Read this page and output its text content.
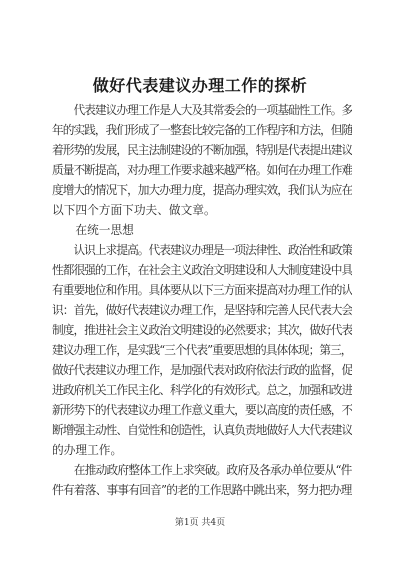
做好代表建议办理工作的探析
　　代表建议办理工作是人大及其常委会的一项基础性工作。多
年的实践，我们形成了一整套比较完备的工作程序和方法，但随
着形势的发展，民主法制建设的不断加强，特别是代表提出建议
质量不断提高，对办理工作要求越来越严格。如何在办理工作难
度增大的情况下，加大办理力度，提高办理实效，我们认为应在
以下四个方面下功夫、做文章。
　　在统一思想
　　认识上求提高。代表建议办理是一项法律性、政治性和政策
性都很强的工作，在社会主义政治文明建设和人大制度建设中具
有重要地位和作用。具体要从以下三方面来提高对办理工作的认
识：首先，做好代表建议办理工作，是坚持和完善人民代表大会
制度，推进社会主义政治文明建设的必然要求；其次，做好代表
建议办理工作，是实践“三个代表”重要思想的具体体现；第三，
做好代表建议办理工作，是加强代表对政府依法行政的监督，促
进政府机关工作民主化、科学化的有效形式。总之，加强和改进
新形势下的代表建议办理工作意义重大，要以高度的责任感，不
断增强主动性、自觉性和创造性，认真负责地做好人大代表建议
的办理工作。
　　在推动政府整体工作上求突破。政府及各承办单位要从“件
件有着落、事事有回音”的老的工作思路中跳出来，努力把办理
第1页 共4页
